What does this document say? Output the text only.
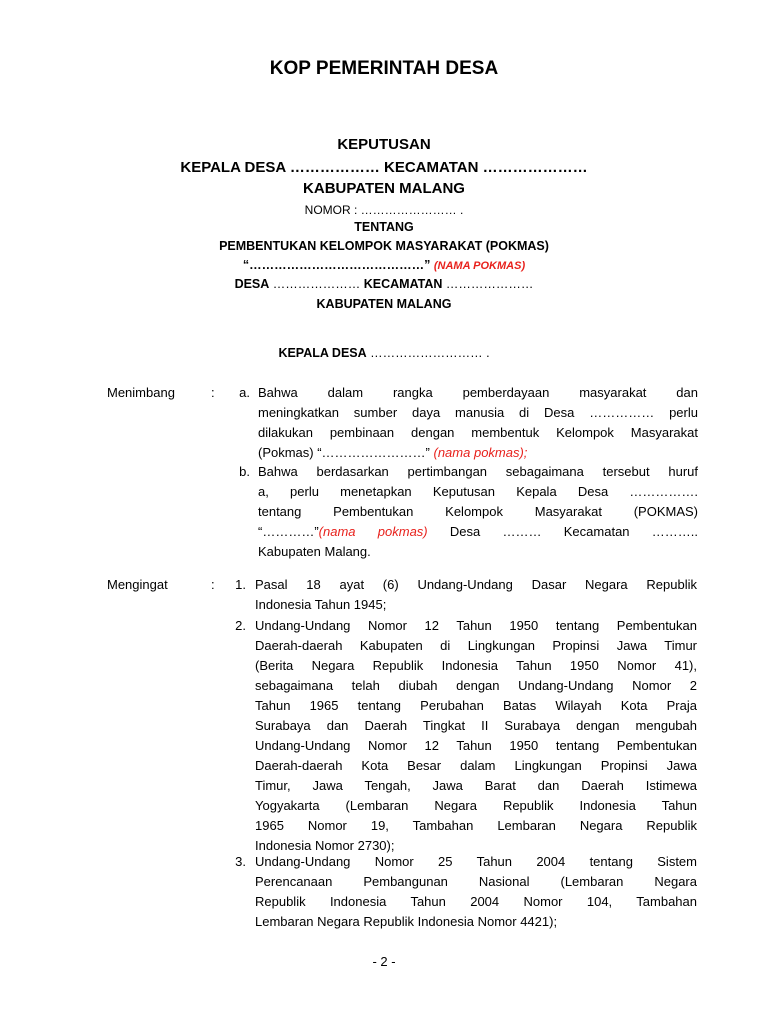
KOP PEMERINTAH DESA
KEPUTUSAN
KEPALA DESA ……………… KECAMATAN …………………
KABUPATEN MALANG
NOMOR : …………………… .
TENTANG
PEMBENTUKAN KELOMPOK MASYARAKAT (POKMAS)
“……………………………………” (NAMA POKMAS)
DESA ………………… KECAMATAN …………………
KABUPATEN MALANG
KEPALA DESA ……………………… .
Menimbang	:	a. Bahwa dalam rangka pemberdayaan masyarakat dan
meningkatkan sumber daya manusia di Desa …………… perlu
dilakukan pembinaan dengan membentuk Kelompok Masyarakat
(Pokmas) “……………………” (nama pokmas);
b. Bahwa berdasarkan pertimbangan sebagaimana tersebut huruf
a, perlu menetapkan Keputusan Kepala Desa …………….
tentang Pembentukan Kelompok Masyarakat (POKMAS)
“…………”(nama pokmas) Desa ……… Kecamatan ………..
Kabupaten Malang.
Mengingat	:	1. Pasal 18 ayat (6) Undang-Undang Dasar Negara Republik
Indonesia Tahun 1945;
2. Undang-Undang Nomor 12 Tahun 1950 tentang Pembentukan
Daerah-daerah Kabupaten di Lingkungan Propinsi Jawa Timur
(Berita Negara Republik Indonesia Tahun 1950 Nomor 41),
sebagaimana telah diubah dengan Undang-Undang Nomor 2
Tahun 1965 tentang Perubahan Batas Wilayah Kota Praja
Surabaya dan Daerah Tingkat II Surabaya dengan mengubah
Undang-Undang Nomor 12 Tahun 1950 tentang Pembentukan
Daerah-daerah Kota Besar dalam Lingkungan Propinsi Jawa
Timur, Jawa Tengah, Jawa Barat dan Daerah Istimewa
Yogyakarta (Lembaran Negara Republik Indonesia Tahun
1965 Nomor 19, Tambahan Lembaran Negara Republik
Indonesia Nomor 2730);
3. Undang-Undang Nomor 25 Tahun 2004 tentang Sistem
Perencanaan Pembangunan Nasional (Lembaran Negara
Republik Indonesia Tahun 2004 Nomor 104, Tambahan
Lembaran Negara Republik Indonesia Nomor 4421);
- 2 -
